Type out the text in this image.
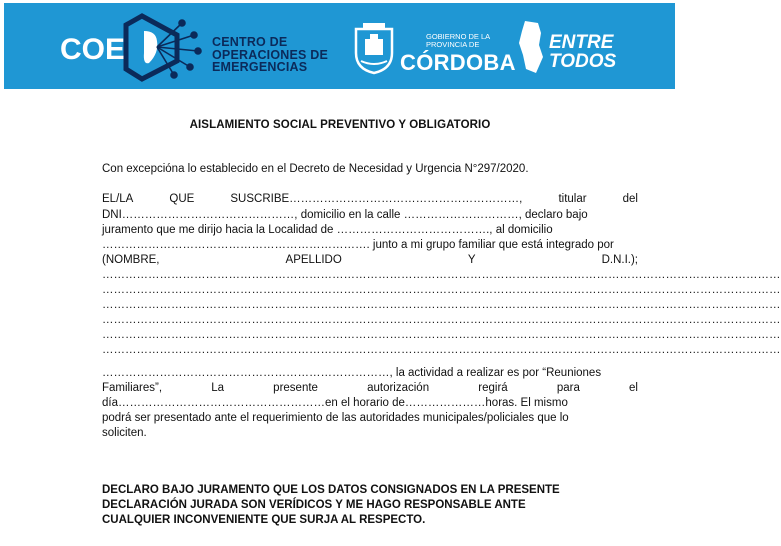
COE	CENTRO DE
OPERACIONES DE
EMERGENCIAS
GOBIERNO DE LA
PROVINCIA DE
CÓRDOBA
ENTRE
TODOS
AISLAMIENTO SOCIAL PREVENTIVO Y OBLIGATORIO
Con excepcióna lo establecido en el Decreto de Necesidad y Urgencia N°297/2020.
EL/LA	QUE	SUSCRIBE……………………………………………………,	titular	del
DNI………………………………………, domicilio en la calle …………………………, declaro bajo
juramento que me dirijo hacia la Localidad de …………………………………., al domicilio
……………………………………………………………. junto a mi grupo familiar que está integrado por
(NOMBRE,	APELLIDO	Y	D.N.I.);
……………………………………………………………………………………………………………………………………………………………
……………………………………………………………………………………………………………………………………………………………
……………………………………………………………………………………………………………………………………………………………
……………………………………………………………………………………………………………………………………………………………
……………………………………………………………………………………………………………………………………………………………
……………………………………………………………………………………………………………………………………………………………
…………………………………………………………………, la actividad a realizar es por “Reuniones
Familiares”,	La	presente	autorización	regirá	para	el
día………………………………………………en el horario de…………………horas. El mismo
podrá ser presentado ante el requerimiento de las autoridades municipales/policiales que lo
soliciten.
DECLARO BAJO JURAMENTO QUE LOS DATOS CONSIGNADOS EN LA PRESENTE
DECLARACIÓN JURADA SON VERÍDICOS Y ME HAGO RESPONSABLE ANTE
CUALQUIER INCONVENIENTE QUE SURJA AL RESPECTO.
